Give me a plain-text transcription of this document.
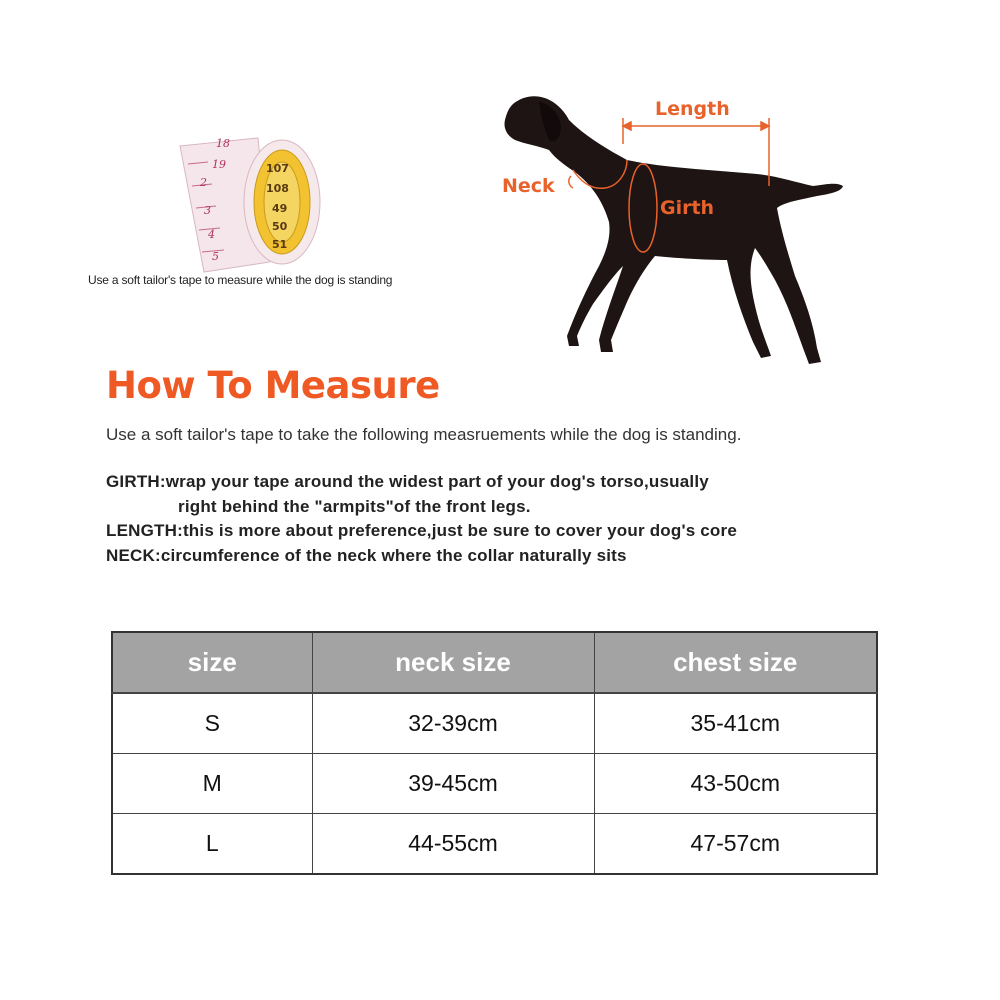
18
19
2
3
4
5
107
108
49
50
51
Use a soft tailor's tape to measure while the dog is standing
Length
Neck
Girth
How To Measure
Use a soft tailor's tape to take the following measruements while the dog is standing.
GIRTH:wrap your tape around the widest part of your dog's torso,usually
right behind the "armpits"of the front legs.
LENGTH:this is more about preference,just be sure to cover your dog's core
NECK:circumference of the neck where the collar naturally sits
size	neck size	chest size
S	32-39cm	35-41cm
M	39-45cm	43-50cm
L	44-55cm	47-57cm
